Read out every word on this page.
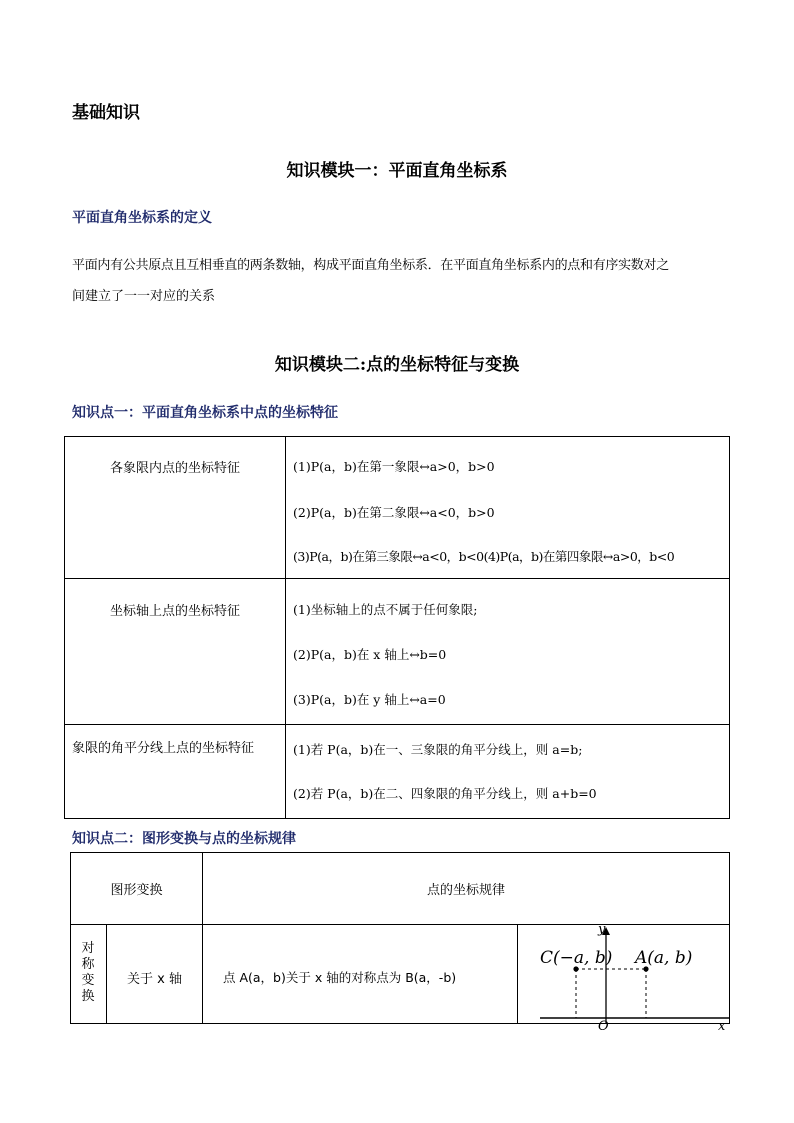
基础知识
知识模块一：平面直角坐标系
平面直角坐标系的定义
平面内有公共原点且互相垂直的两条数轴，构成平面直角坐标系．在平面直角坐标系内的点和有序实数对之
间建立了一一对应的关系
知识模块二:点的坐标特征与变换
知识点一：平面直角坐标系中点的坐标特征
各象限内点的坐标特征	(1)P(a，b)在第一象限↔a>0，b>0
(2)P(a，b)在第二象限↔a<0，b>0
(3)P(a，b)在第三象限↔a<0，b<0(4)P(a，b)在第四象限↔a>0，b<0

坐标轴上点的坐标特征	(1)坐标轴上的点不属于任何象限;
(2)P(a，b)在 x 轴上↔b=0
(3)P(a，b)在 y 轴上↔a=0

象限的角平分线上点的坐标特征	(1)若 P(a，b)在一、三象限的角平分线上，则 a=b;
(2)若 P(a，b)在二、四象限的角平分线上，则 a+b=0
知识点二：图形变换与点的坐标规律
图形变换		点的坐标规律	

对称变换	关于 x 轴	点 A(a，b)关于 x 轴的对称点为 B(a，-b)	C(−a, b) A(a, b)
y
O x
